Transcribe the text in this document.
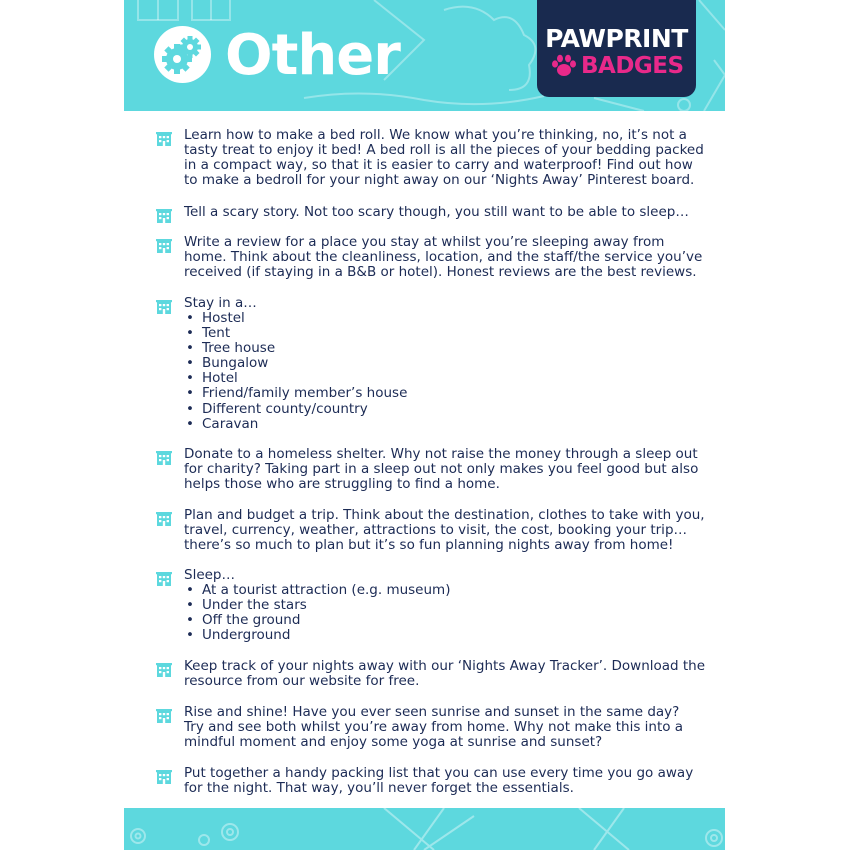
Other	PAWPRINT
BADGES

Learn how to make a bed roll. We know what you’re thinking, no, it’s not a
tasty treat to enjoy it bed! A bed roll is all the pieces of your bedding packed
in a compact way, so that it is easier to carry and waterproof! Find out how
to make a bedroll for your night away on our ‘Nights Away’ Pinterest board.

Tell a scary story. Not too scary though, you still want to be able to sleep…

Write a review for a place you stay at whilst you’re sleeping away from
home. Think about the cleanliness, location, and the staff/the service you’ve
received (if staying in a B&B or hotel). Honest reviews are the best reviews.

Stay in a…

• Hostel
• Tent
• Tree house
• Bungalow
• Hotel
• Friend/family member’s house
• Different county/country
• Caravan

Donate to a homeless shelter. Why not raise the money through a sleep out
for charity? Taking part in a sleep out not only makes you feel good but also
helps those who are struggling to find a home.

Plan and budget a trip. Think about the destination, clothes to take with you,
travel, currency, weather, attractions to visit, the cost, booking your trip…
there’s so much to plan but it’s so fun planning nights away from home!

Sleep…

• At a tourist attraction (e.g. museum)
• Under the stars
• Off the ground
• Underground

Keep track of your nights away with our ‘Nights Away Tracker’. Download the
resource from our website for free.

Rise and shine! Have you ever seen sunrise and sunset in the same day?
Try and see both whilst you’re away from home. Why not make this into a
mindful moment and enjoy some yoga at sunrise and sunset?

Put together a handy packing list that you can use every time you go away
for the night. That way, you’ll never forget the essentials.
